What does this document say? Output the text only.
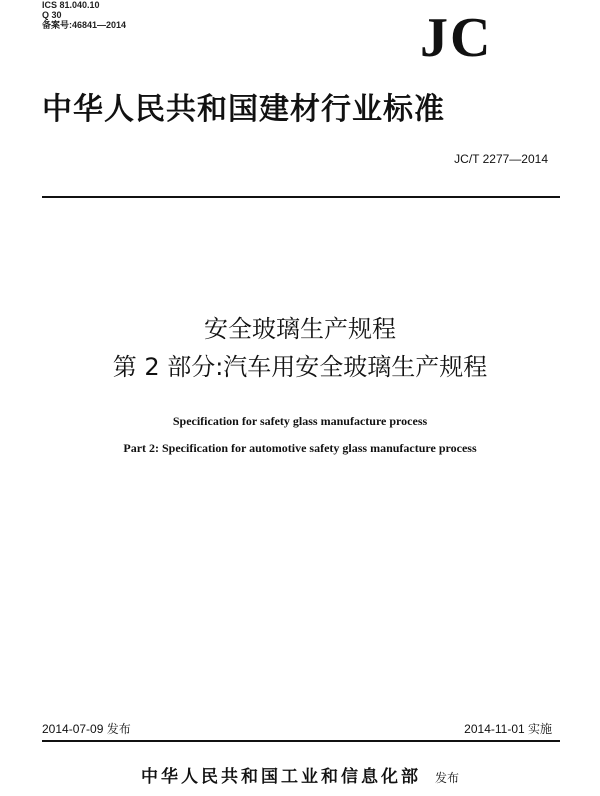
ICS 81.040.10
Q 30
备案号:46841—2014	JC
中华人民共和国建材行业标准
JC/T 2277—2014
安全玻璃生产规程
第 2 部分:汽车用安全玻璃生产规程
Specification for safety glass manufacture process
Part 2: Specification for automotive safety glass manufacture process
2014-07-09 发布	2014-11-01 实施
中华人民共和国工业和信息化部 发布
